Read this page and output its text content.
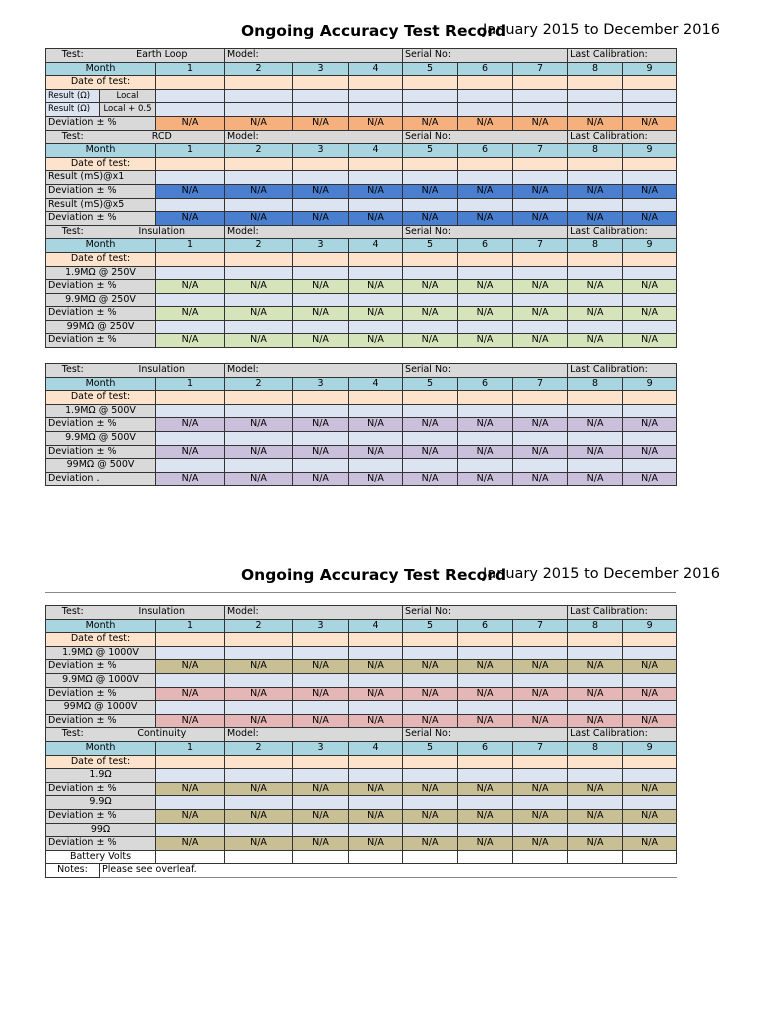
Ongoing Accuracy Test Record
January 2015 to December 2016
Test:	Earth Loop		Model:			Serial No:			Last Calibration:	
Month		1	2	3	4	5	6	7	8	9
Date of test:										
Result (Ω)	Local									
Result (Ω)	Local + 0.5									
Deviation ± %		N/A	N/A	N/A	N/A	N/A	N/A	N/A	N/A	N/A
Test:	RCD		Model:			Serial No:			Last Calibration:	
Month		1	2	3	4	5	6	7	8	9
Date of test:										
Result (mS)@x1										
Deviation ± %		N/A	N/A	N/A	N/A	N/A	N/A	N/A	N/A	N/A
Result (mS)@x5										
Deviation ± %		N/A	N/A	N/A	N/A	N/A	N/A	N/A	N/A	N/A
Test:	Insulation		Model:			Serial No:			Last Calibration:	
Month		1	2	3	4	5	6	7	8	9
Date of test:										
1.9MΩ @ 250V										
Deviation ± %		N/A	N/A	N/A	N/A	N/A	N/A	N/A	N/A	N/A
9.9MΩ @ 250V										
Deviation ± %		N/A	N/A	N/A	N/A	N/A	N/A	N/A	N/A	N/A
99MΩ @ 250V										
Deviation ± %		N/A	N/A	N/A	N/A	N/A	N/A	N/A	N/A	N/A
Test:	Insulation		Model:			Serial No:			Last Calibration:	
Month		1	2	3	4	5	6	7	8	9
Date of test:										
1.9MΩ @ 500V										
Deviation ± %		N/A	N/A	N/A	N/A	N/A	N/A	N/A	N/A	N/A
9.9MΩ @ 500V										
Deviation ± %		N/A	N/A	N/A	N/A	N/A	N/A	N/A	N/A	N/A
99MΩ @ 500V										
Deviation .		N/A	N/A	N/A	N/A	N/A	N/A	N/A	N/A	N/A
Ongoing Accuracy Test Record
January 2015 to December 2016
Test:	Insulation		Model:			Serial No:			Last Calibration:	
Month		1	2	3	4	5	6	7	8	9
Date of test:										
1.9MΩ @ 1000V										
Deviation ± %		N/A	N/A	N/A	N/A	N/A	N/A	N/A	N/A	N/A
9.9MΩ @ 1000V										
Deviation ± %		N/A	N/A	N/A	N/A	N/A	N/A	N/A	N/A	N/A
99MΩ @ 1000V										
Deviation ± %		N/A	N/A	N/A	N/A	N/A	N/A	N/A	N/A	N/A
Test:	Continuity		Model:			Serial No:			Last Calibration:	
Month		1	2	3	4	5	6	7	8	9
Date of test:										
1.9Ω										
Deviation ± %		N/A	N/A	N/A	N/A	N/A	N/A	N/A	N/A	N/A
9.9Ω										
Deviation ± %		N/A	N/A	N/A	N/A	N/A	N/A	N/A	N/A	N/A
99Ω										
Deviation ± %		N/A	N/A	N/A	N/A	N/A	N/A	N/A	N/A	N/A
Battery Volts										
Notes:	Please see overleaf.									
